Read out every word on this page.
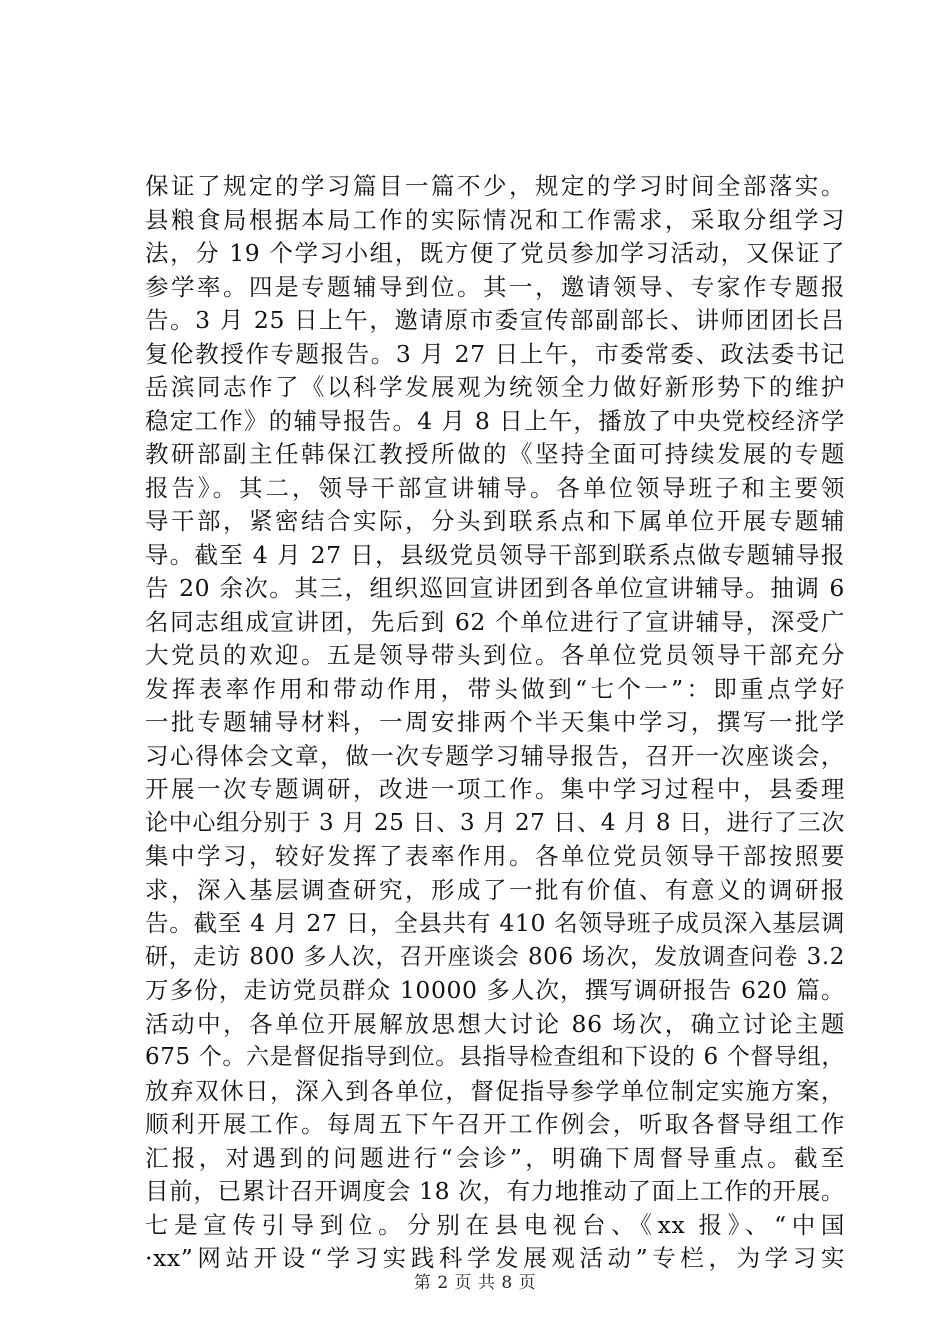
保证了规定的学习篇目一篇不少，规定的学习时间全部落实。
县粮食局根据本局工作的实际情况和工作需求，采取分组学习
法，分 19 个学习小组，既方便了党员参加学习活动，又保证了
参学率。四是专题辅导到位。其一，邀请领导、专家作专题报
告。3 月 25 日上午，邀请原市委宣传部副部长、讲师团团长吕
复伦教授作专题报告。3 月 27 日上午，市委常委、政法委书记
岳滨同志作了《以科学发展观为统领全力做好新形势下的维护
稳定工作》的辅导报告。4 月 8 日上午，播放了中央党校经济学
教研部副主任韩保江教授所做的《坚持全面可持续发展的专题
报告》。其二，领导干部宣讲辅导。各单位领导班子和主要领
导干部，紧密结合实际，分头到联系点和下属单位开展专题辅
导。截至 4 月 27 日，县级党员领导干部到联系点做专题辅导报
告 20 余次。其三，组织巡回宣讲团到各单位宣讲辅导。抽调 6
名同志组成宣讲团，先后到 62 个单位进行了宣讲辅导，深受广
大党员的欢迎。五是领导带头到位。各单位党员领导干部充分
发挥表率作用和带动作用，带头做到“七个一”：即重点学好
一批专题辅导材料，一周安排两个半天集中学习，撰写一批学
习心得体会文章，做一次专题学习辅导报告，召开一次座谈会，
开展一次专题调研，改进一项工作。集中学习过程中，县委理
论中心组分别于 3 月 25 日、3 月 27 日、4 月 8 日，进行了三次
集中学习，较好发挥了表率作用。各单位党员领导干部按照要
求，深入基层调查研究，形成了一批有价值、有意义的调研报
告。截至 4 月 27 日，全县共有 410 名领导班子成员深入基层调
研，走访 800 多人次，召开座谈会 806 场次，发放调查问卷 3.2
万多份，走访党员群众 10000 多人次，撰写调研报告 620 篇。
活动中，各单位开展解放思想大讨论 86 场次，确立讨论主题
675 个。六是督促指导到位。县指导检查组和下设的 6 个督导组，
放弃双休日，深入到各单位，督促指导参学单位制定实施方案，
顺利开展工作。每周五下午召开工作例会，听取各督导组工作
汇报，对遇到的问题进行“会诊”，明确下周督导重点。截至
目前，已累计召开调度会 18 次，有力地推动了面上工作的开展。
七是宣传引导到位。分别在县电视台、《xx 报》、“中国
·xx”网站开设“学习实践科学发展观活动”专栏，为学习实
第 2 页 共 8 页
